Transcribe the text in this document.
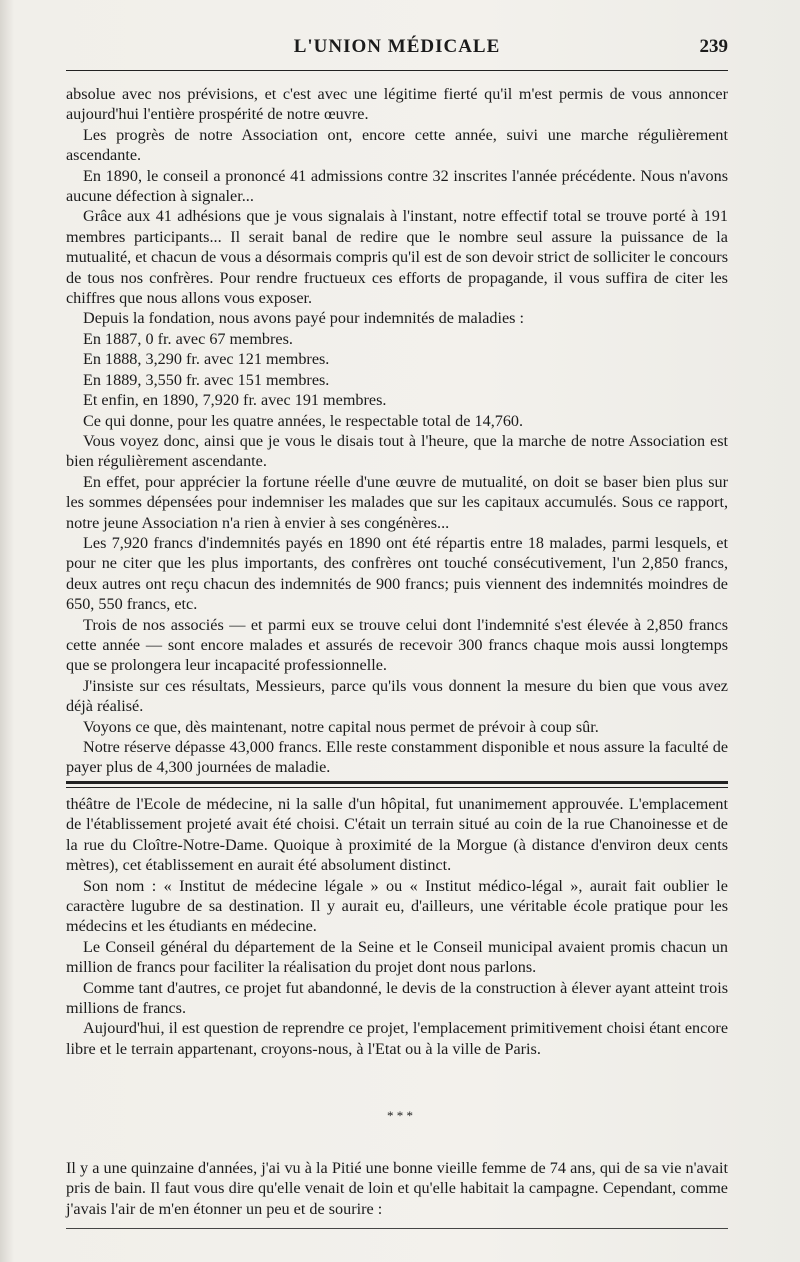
L'UNION MÉDICALE	239

absolue avec nos prévisions, et c'est avec une légitime fierté qu'il m'est permis de vous annoncer aujourd'hui l'entière prospérité de notre œuvre.

Les progrès de notre Association ont, encore cette année, suivi une marche régulièrement ascendante.

En 1890, le conseil a prononcé 41 admissions contre 32 inscrites l'année précédente. Nous n'avons aucune défection à signaler...

Grâce aux 41 adhésions que je vous signalais à l'instant, notre effectif total se trouve porté à 191 membres participants... Il serait banal de redire que le nombre seul assure la puissance de la mutualité, et chacun de vous a désormais compris qu'il est de son devoir strict de solliciter le concours de tous nos confrères. Pour rendre fructueux ces efforts de propagande, il vous suffira de citer les chiffres que nous allons vous exposer.

Depuis la fondation, nous avons payé pour indemnités de maladies :

En 1887, 0 fr. avec 67 membres.

En 1888, 3,290 fr. avec 121 membres.

En 1889, 3,550 fr. avec 151 membres.

Et enfin, en 1890, 7,920 fr. avec 191 membres.

Ce qui donne, pour les quatre années, le respectable total de 14,760.

Vous voyez donc, ainsi que je vous le disais tout à l'heure, que la marche de notre Association est bien régulièrement ascendante.

En effet, pour apprécier la fortune réelle d'une œuvre de mutualité, on doit se baser bien plus sur les sommes dépensées pour indemniser les malades que sur les capitaux accumulés. Sous ce rapport, notre jeune Association n'a rien à envier à ses congénères...

Les 7,920 francs d'indemnités payés en 1890 ont été répartis entre 18 malades, parmi lesquels, et pour ne citer que les plus importants, des confrères ont touché consécutivement, l'un 2,850 francs, deux autres ont reçu chacun des indemnités de 900 francs; puis viennent des indemnités moindres de 650, 550 francs, etc.

Trois de nos associés — et parmi eux se trouve celui dont l'indemnité s'est élevée à 2,850 francs cette année — sont encore malades et assurés de recevoir 300 francs chaque mois aussi longtemps que se prolongera leur incapacité professionnelle.

J'insiste sur ces résultats, Messieurs, parce qu'ils vous donnent la mesure du bien que vous avez déjà réalisé.

Voyons ce que, dès maintenant, notre capital nous permet de prévoir à coup sûr.

Notre réserve dépasse 43,000 francs. Elle reste constamment disponible et nous assure la faculté de payer plus de 4,300 journées de maladie.

théâtre de l'Ecole de médecine, ni la salle d'un hôpital, fut unanimement approuvée. L'emplacement de l'établissement projeté avait été choisi. C'était un terrain situé au coin de la rue Chanoinesse et de la rue du Cloître-Notre-Dame. Quoique à proximité de la Morgue (à distance d'environ deux cents mètres), cet établissement en aurait été absolument distinct.

Son nom : « Institut de médecine légale » ou « Institut médico-légal », aurait fait oublier le caractère lugubre de sa destination. Il y aurait eu, d'ailleurs, une véritable école pratique pour les médecins et les étudiants en médecine.

Le Conseil général du département de la Seine et le Conseil municipal avaient promis chacun un million de francs pour faciliter la réalisation du projet dont nous parlons.

Comme tant d'autres, ce projet fut abandonné, le devis de la construction à élever ayant atteint trois millions de francs.

Aujourd'hui, il est question de reprendre ce projet, l'emplacement primitivement choisi étant encore libre et le terrain appartenant, croyons-nous, à l'Etat ou à la ville de Paris.

* * *

Il y a une quinzaine d'années, j'ai vu à la Pitié une bonne vieille femme de 74 ans, qui de sa vie n'avait pris de bain. Il faut vous dire qu'elle venait de loin et qu'elle habitait la campagne. Cependant, comme j'avais l'air de m'en étonner un peu et de sourire :
